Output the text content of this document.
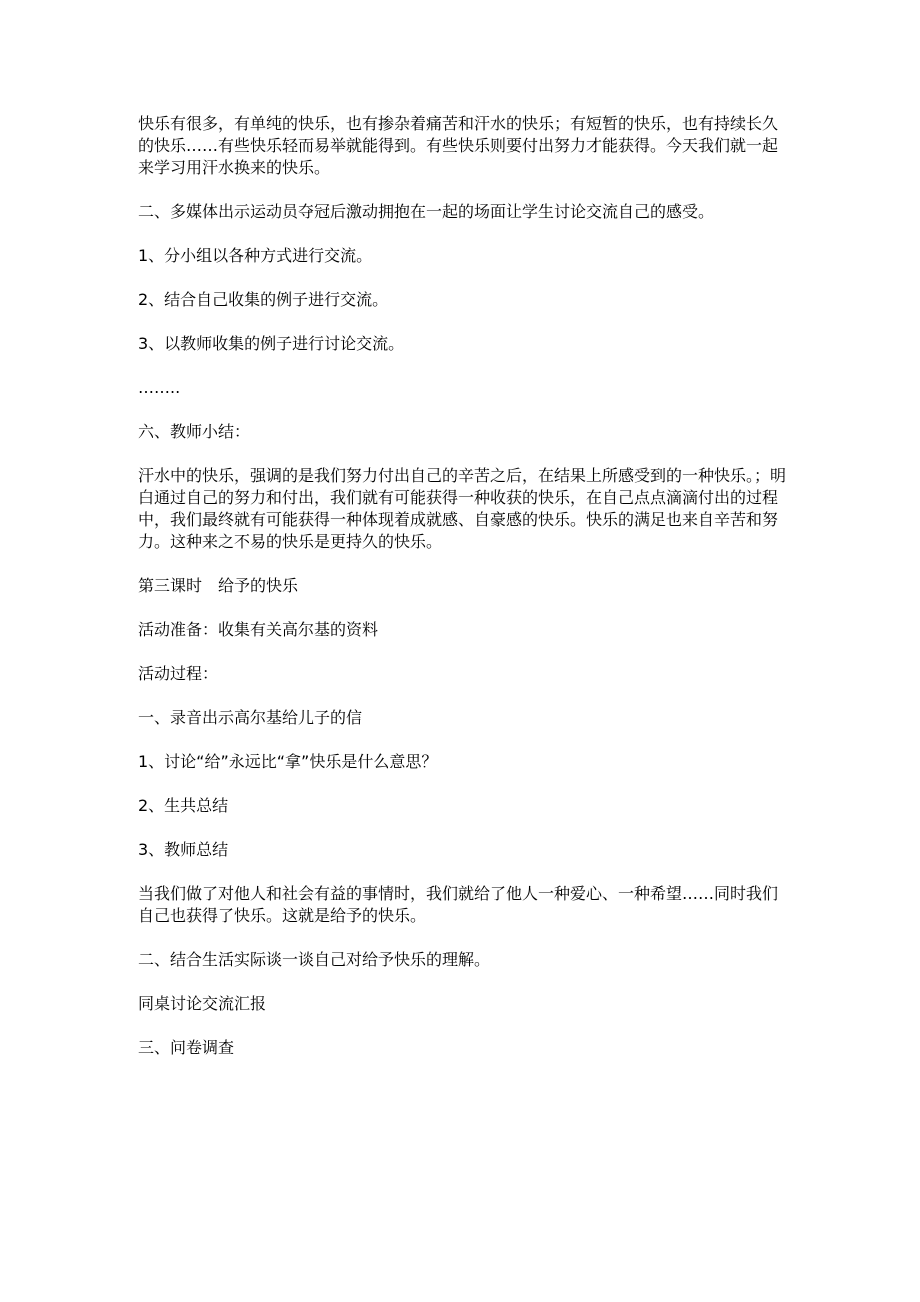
快乐有很多，有单纯的快乐，也有掺杂着痛苦和汗水的快乐；有短暂的快乐，也有持续长久的快乐……有些快乐轻而易举就能得到。有些快乐则要付出努力才能获得。今天我们就一起来学习用汗水换来的快乐。

二、多媒体出示运动员夺冠后激动拥抱在一起的场面让学生讨论交流自己的感受。

1、分小组以各种方式进行交流。

2、结合自己收集的例子进行交流。

3、以教师收集的例子进行讨论交流。

……..

六、教师小结：

汗水中的快乐，强调的是我们努力付出自己的辛苦之后，在结果上所感受到的一种快乐。；明白通过自己的努力和付出，我们就有可能获得一种收获的快乐，在自己点点滴滴付出的过程中，我们最终就有可能获得一种体现着成就感、自豪感的快乐。快乐的满足也来自辛苦和努力。这种来之不易的快乐是更持久的快乐。

第三课时　给予的快乐

活动准备：收集有关高尔基的资料

活动过程：

一、录音出示高尔基给儿子的信

1、讨论“给”永远比“拿”快乐是什么意思？

2、生共总结

3、教师总结

当我们做了对他人和社会有益的事情时，我们就给了他人一种爱心、一种希望……同时我们自己也获得了快乐。这就是给予的快乐。

二、结合生活实际谈一谈自己对给予快乐的理解。

同桌讨论交流汇报

三、问卷调查
